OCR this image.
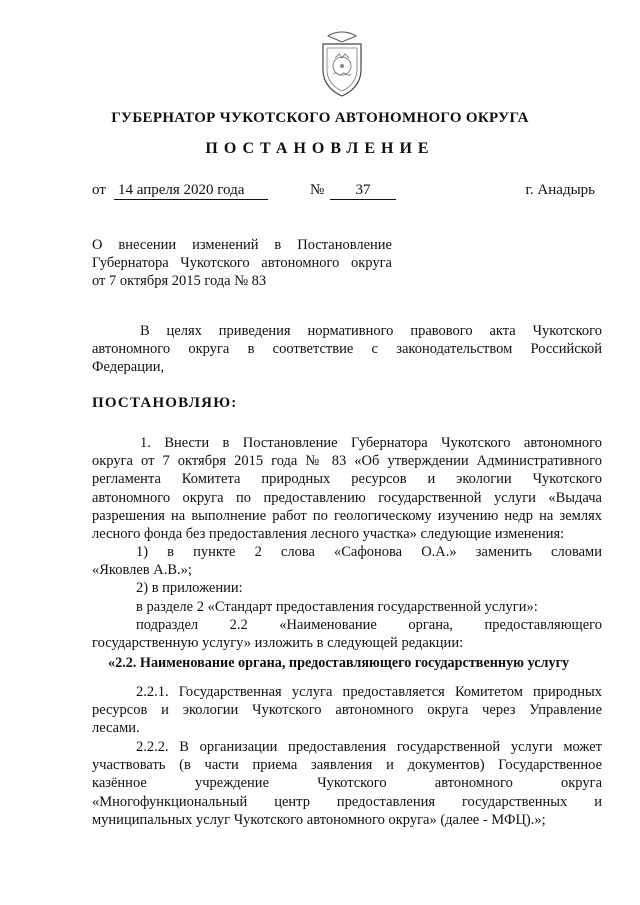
ГУБЕРНАТОР ЧУКОТСКОГО АВТОНОМНОГО ОКРУГА
ПОСТАНОВЛЕНИЕ
от 14 апреля 2020 года	№	37	г. Анадырь
О внесении изменений в Постановление
Губернатора Чукотского автономного округа
от 7 октября 2015 года № 83
В целях приведения нормативного правового акта Чукотского
автономного округа в соответствие с законодательством Российской
Федерации,
ПОСТАНОВЛЯЮ:
1. Внести в Постановление Губернатора Чукотского автономного
округа от 7 октября 2015 года № 83 «Об утверждении Административного
регламента Комитета природных ресурсов и экологии Чукотского
автономного округа по предоставлению государственной услуги «Выдача
разрешения на выполнение работ по геологическому изучению недр на землях
лесного фонда без предоставления лесного участка» следующие изменения:
1) в пункте 2 слова «Сафонова О.А.» заменить словами
«Яковлев А.В.»;
2) в приложении:
в разделе 2 «Стандарт предоставления государственной услуги»:
подраздел 2.2 «Наименование органа, предоставляющего
государственную услугу» изложить в следующей редакции:
«2.2. Наименование органа, предоставляющего государственную услугу
2.2.1. Государственная услуга предоставляется Комитетом природных
ресурсов и экологии Чукотского автономного округа через Управление
лесами.
2.2.2. В организации предоставления государственной услуги может
участвовать (в части приема заявления и документов) Государственное
казённое учреждение Чукотского автономного округа
«Многофункциональный центр предоставления государственных и
муниципальных услуг Чукотского автономного округа» (далее - МФЦ).»;
